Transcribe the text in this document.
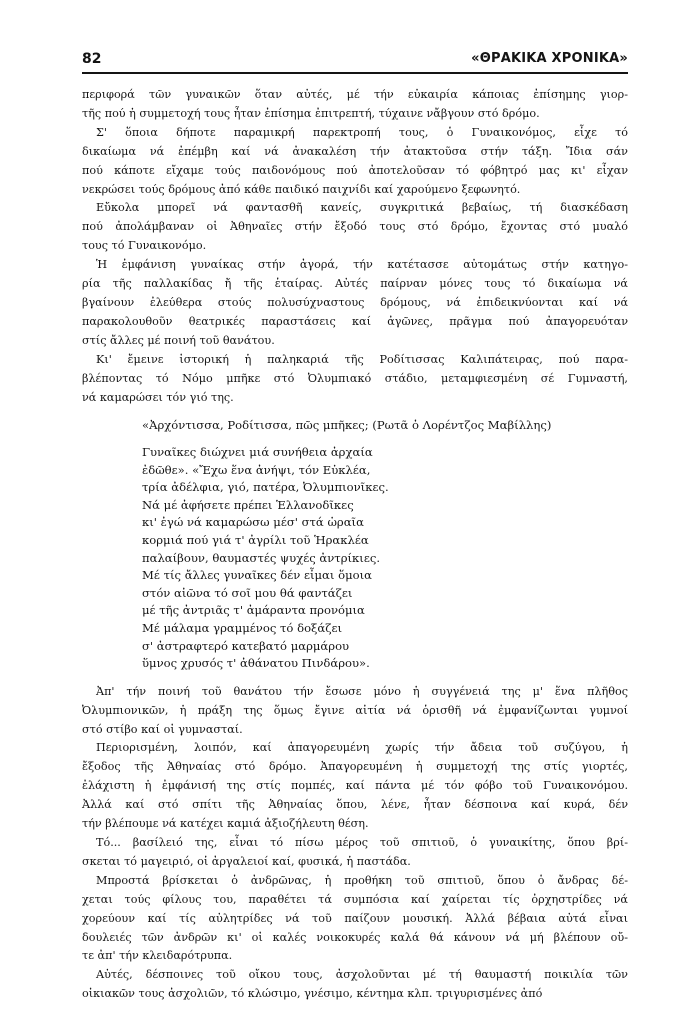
82	«ΘΡΑΚΙΚΑ ΧΡΟΝΙΚΑ»

περιφορά τῶν γυναικῶν ὅταν αὐτές, μέ τήν εὐκαιρία κάποιας ἐπίσημης γιορ-
τῆς πού ἡ συμμετοχή τους ἦταν ἐπίσημα ἐπιτρεπτή, τύχαινε νἄβγουν στό δρόμο.

Σ' ὅποια δήποτε παραμικρή παρεκτροπή τους, ὁ Γυναικονόμος, εἶχε τό
δικαίωμα νά ἐπέμβη καί νά ἀνακαλέση τήν ἀτακτοῦσα στήν τάξη. Ἴδια σάν
πού κάποτε εἴχαμε τούς παιδονόμους πού ἀποτελοῦσαν τό φόβητρό μας κι' εἶχαν
νεκρώσει τούς δρόμους ἀπό κάθε παιδικό παιχνίδι καί χαρούμενο ξεφωνητό.

Εὔκολα μπορεῖ νά φαντασθῆ κανείς, συγκριτικά βεβαίως, τή διασκέδαση
πού ἀπολάμβαναν οἱ Ἀθηναῖες στήν ἔξοδό τους στό δρόμο, ἔχοντας στό μυαλό
τους τό Γυναικονόμο.

Ἡ ἐμφάνιση γυναίκας στήν ἀγορά, τήν κατέτασσε αὐτομάτως στήν κατηγο-
ρία τῆς παλλακίδας ἤ τῆς ἑταίρας. Αὐτές παίρναν μόνες τους τό δικαίωμα νά
βγαίνουν ἐλεύθερα στούς πολυσύχναστους δρόμους, νά ἐπιδεικνύονται καί νά
παρακολουθοῦν θεατρικές παραστάσεις καί ἀγῶνες, πρᾶγμα πού ἀπαγορευόταν
στίς ἄλλες μέ ποινή τοῦ θανάτου.

Κι' ἔμεινε ἱστορική ἡ παληκαριά τῆς Ροδίτισσας Καλιπάτειρας, πού παρα-
βλέποντας τό Νόμο μπῆκε στό Ὀλυμπιακό στάδιο, μεταμφιεσμένη σέ Γυμναστή,
νά καμαρώσει τόν γιό της.

«Ἀρχόντισσα, Ροδίτισσα, πῶς μπῆκες; (Ρωτᾶ ὁ Λορέντζος Μαβίλλης)
Γυναῖκες διώχνει μιά συνήθεια ἀρχαία
ἐδῶθε». «Ἔχω ἕνα ἀνήψι, τόν Εὐκλέα,
τρία ἀδέλφια, γιό, πατέρα, Ὀλυμπιονῖκες.
Νά μέ ἀφήσετε πρέπει Ἑλλανοδῖκες
κι' ἐγώ νά καμαρώσω μέσ' στά ὡραῖα
κορμιά πού γιά τ' ἀγρίλι τοῦ Ἡρακλέα
παλαίβουν, θαυμαστές ψυχές ἀντρίκιες.
Μέ τίς ἄλλες γυναῖκες δέν εἶμαι ὅμοια
στόν αἰῶνα τό σοῖ μου θά φαντάζει
μέ τῆς ἀντριᾶς τ' ἀμάραντα προνόμια
Μέ μάλαμα γραμμένος τό δοξάζει
σ' ἀστραφτερό κατεβατό μαρμάρου
ὕμνος χρυσός τ' ἀθάνατου Πινδάρου».

Ἀπ' τήν ποινή τοῦ θανάτου τήν ἔσωσε μόνο ἡ συγγένειά της μ' ἕνα πλῆθος
Ὀλυμπιονικῶν, ἡ πράξη της ὅμως ἔγινε αἰτία νά ὁρισθῆ νά ἐμφανίζωνται γυμνοί
στό στίβο καί οἱ γυμνασταί.

Περιορισμένη, λοιπόν, καί ἀπαγορευμένη χωρίς τήν ἄδεια τοῦ συζύγου, ἡ
ἔξοδος τῆς Ἀθηναίας στό δρόμο. Ἀπαγορευμένη ἡ συμμετοχή της στίς γιορτές,
ἐλάχιστη ἡ ἐμφάνισή της στίς πομπές, καί πάντα μέ τόν φόβο τοῦ Γυναικονόμου.
Ἀλλά καί στό σπίτι τῆς Ἀθηναίας ὅπου, λένε, ἦταν δέσποινα καί κυρά, δέν
τήν βλέπουμε νά κατέχει καμιά ἀξιοζήλευτη θέση.

Τό... βασίλειό της, εἶναι τό πίσω μέρος τοῦ σπιτιοῦ, ὁ γυναικίτης, ὅπου βρί-
σκεται τό μαγειριό, οἱ ἀργαλειοί καί, φυσικά, ἡ παστάδα.

Μπροστά βρίσκεται ὁ ἀνδρῶνας, ἡ προθήκη τοῦ σπιτιοῦ, ὅπου ὁ ἄνδρας δέ-
χεται τούς φίλους του, παραθέτει τά συμπόσια καί χαίρεται τίς ὀρχηστρίδες νά
χορεύουν καί τίς αὐλητρίδες νά τοῦ παίζουν μουσική. Ἀλλά βέβαια αὐτά εἶναι
δουλειές τῶν ἀνδρῶν κι' οἱ καλές νοικοκυρές καλά θά κάνουν νά μή βλέπουν οὔ-
τε ἀπ' τήν κλειδαρότρυπα.

Αὐτές, δέσποινες τοῦ οἴκου τους, ἀσχολοῦνται μέ τή θαυμαστή ποικιλία τῶν
οἰκιακῶν τους ἀσχολιῶν, τό κλώσιμο, γνέσιμο, κέντημα κλπ. τριγυρισμένες ἀπό
